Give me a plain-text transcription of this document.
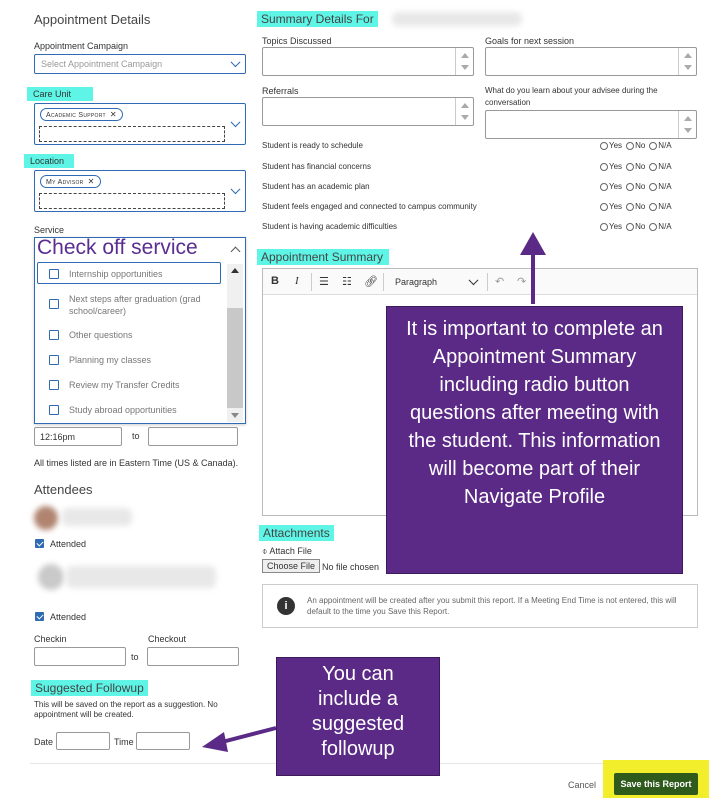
Appointment Details
Appointment Campaign
Select Appointment Campaign
Care Unit
Academic Support ✕
Location
My Advisor ✕
Service
Check off service
Internship opportunities
Next steps after graduation (grad school/career)
Other questions
Planning my classes
Review my Transfer Credits
Study abroad opportunities
12:16pm	to
All times listed are in Eastern Time (US & Canada).
Attendees
Attended
Attended
Checkin	Checkout
to
Suggested Followup
This will be saved on the report as a suggestion. No appointment will be created.
Date	Time
Summary Details For
Topics Discussed	Goals for next session
Referrals	What do you learn about your advisee during the conversation
Student is ready to schedule	Yes No N/A
Student has financial concerns	Yes No N/A
Student has an academic plan	Yes No N/A
Student feels engaged and connected to campus community	Yes No N/A
Student is having academic difficulties	Yes No N/A
Appointment Summary
B I ☰ ☷ 🔗︎	Paragraph	↶ ↷
Attachments
⌽ Attach File
Choose File No file chosen
i	An appointment will be created after you submit this report. If a Meeting End Time is not entered, this will default to the time you Save this Report.
Cancel	Save this Report
It is important to complete an Appointment Summary including radio button questions after meeting with the student. This information will become part of their Navigate Profile
You can include a suggested followup
